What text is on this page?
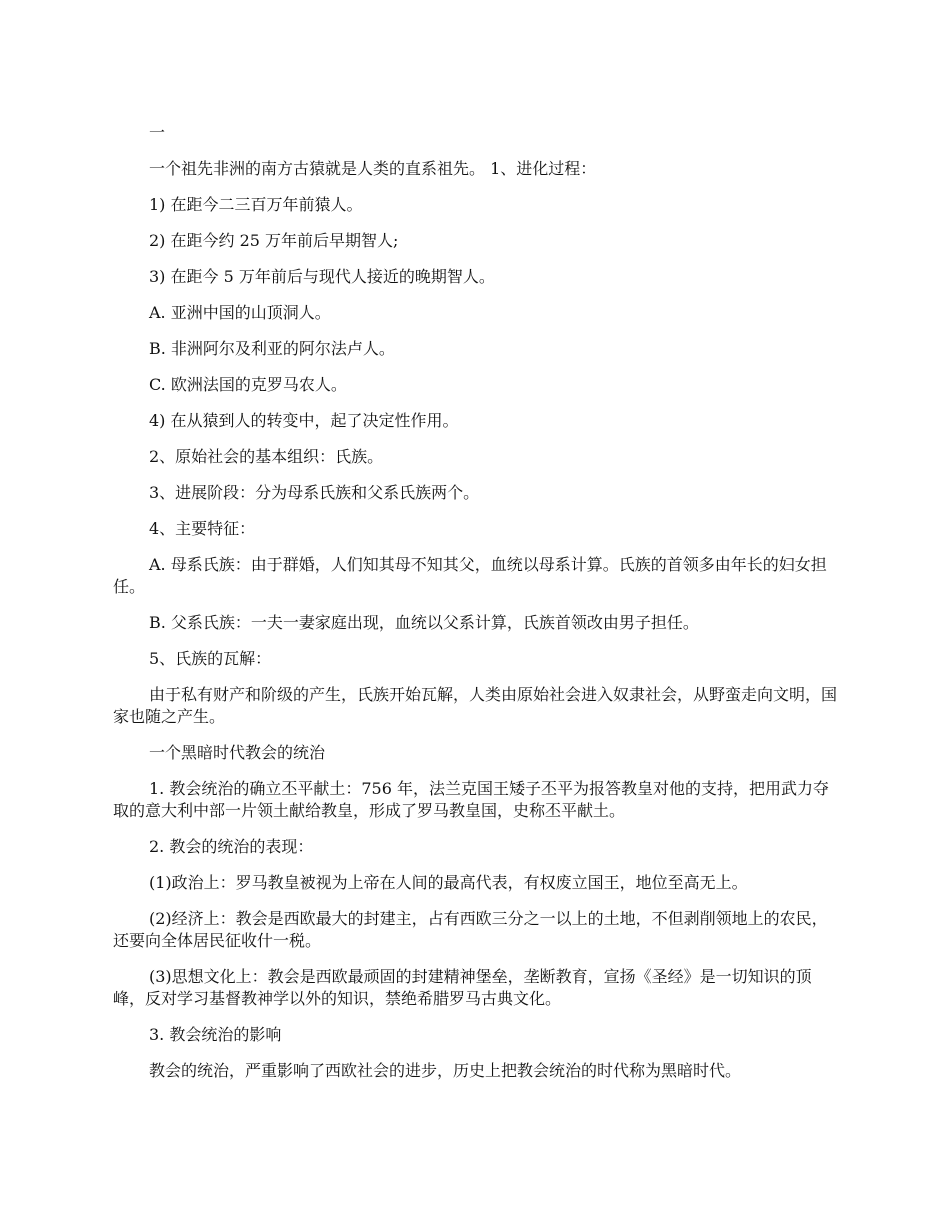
一

一个祖先非洲的南方古猿就是人类的直系祖先。 1、进化过程：

1) 在距今二三百万年前猿人。

2) 在距今约 25 万年前后早期智人;

3) 在距今 5 万年前后与现代人接近的晚期智人。

A. 亚洲中国的山顶洞人。

B. 非洲阿尔及利亚的阿尔法卢人。

C. 欧洲法国的克罗马农人。

4) 在从猿到人的转变中，起了决定性作用。

2、原始社会的基本组织：氏族。

3、进展阶段：分为母系氏族和父系氏族两个。

4、主要特征：

A. 母系氏族：由于群婚，人们知其母不知其父，血统以母系计算。氏族的首领多由年长的妇女担任。

B. 父系氏族：一夫一妻家庭出现，血统以父系计算，氏族首领改由男子担任。

5、氏族的瓦解：

由于私有财产和阶级的产生，氏族开始瓦解，人类由原始社会进入奴隶社会，从野蛮走向文明，国家也随之产生。

一个黑暗时代教会的统治

1. 教会统治的确立丕平献土：756 年，法兰克国王矮子丕平为报答教皇对他的支持，把用武力夺取的意大利中部一片领土献给教皇，形成了罗马教皇国，史称丕平献土。

2. 教会的统治的表现：

(1)政治上：罗马教皇被视为上帝在人间的最高代表，有权废立国王，地位至高无上。

(2)经济上：教会是西欧最大的封建主，占有西欧三分之一以上的土地，不但剥削领地上的农民，还要向全体居民征收什一税。

(3)思想文化上：教会是西欧最顽固的封建精神堡垒，垄断教育，宣扬《圣经》是一切知识的顶峰，反对学习基督教神学以外的知识，禁绝希腊罗马古典文化。

3. 教会统治的影响

教会的统治，严重影响了西欧社会的进步，历史上把教会统治的时代称为黑暗时代。
